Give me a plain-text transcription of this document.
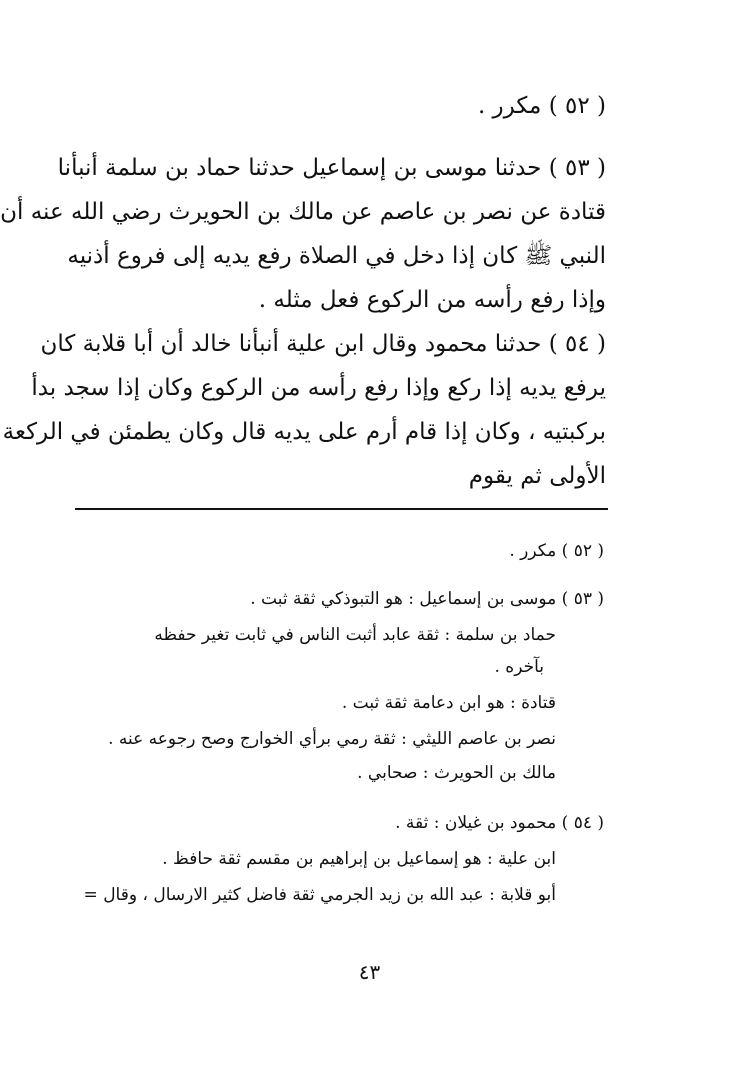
( ٥٢ ) مكرر .
( ٥٣ ) حدثنا موسى بن إسماعيل حدثنا حماد بن سلمة أنبأنا
قتادة عن نصر بن عاصم عن مالك بن الحويرث رضي الله عنه أن
النبي ﷺ كان إذا دخل في الصلاة رفع يديه إلى فروع أذنيه
وإذا رفع رأسه من الركوع فعل مثله .
( ٥٤ ) حدثنا محمود وقال ابن علية أنبأنا خالد أن أبا قلابة كان
يرفع يديه إذا ركع وإذا رفع رأسه من الركوع وكان إذا سجد بدأ
بركبتيه ، وكان إذا قام أرم على يديه قال وكان يطمئن في الركعة
الأولى ثم يقوم
( ٥٢ ) مكرر .
( ٥٣ ) موسى بن إسماعيل : هو التبوذكي ثقة ثبت .
حماد بن سلمة : ثقة عابد أثبت الناس في ثابت تغير حفظه
بآخره .
قتادة : هو ابن دعامة ثقة ثبت .
نصر بن عاصم الليثي : ثقة رمي برأي الخوارج وصح رجوعه عنه .
مالك بن الحويرث : صحابي .
( ٥٤ ) محمود بن غيلان : ثقة .
ابن علية : هو إسماعيل بن إبراهيم بن مقسم ثقة حافظ .
أبو قلابة : عبد الله بن زيد الجرمي ثقة فاضل كثير الارسال ، وقال =
٤٣
